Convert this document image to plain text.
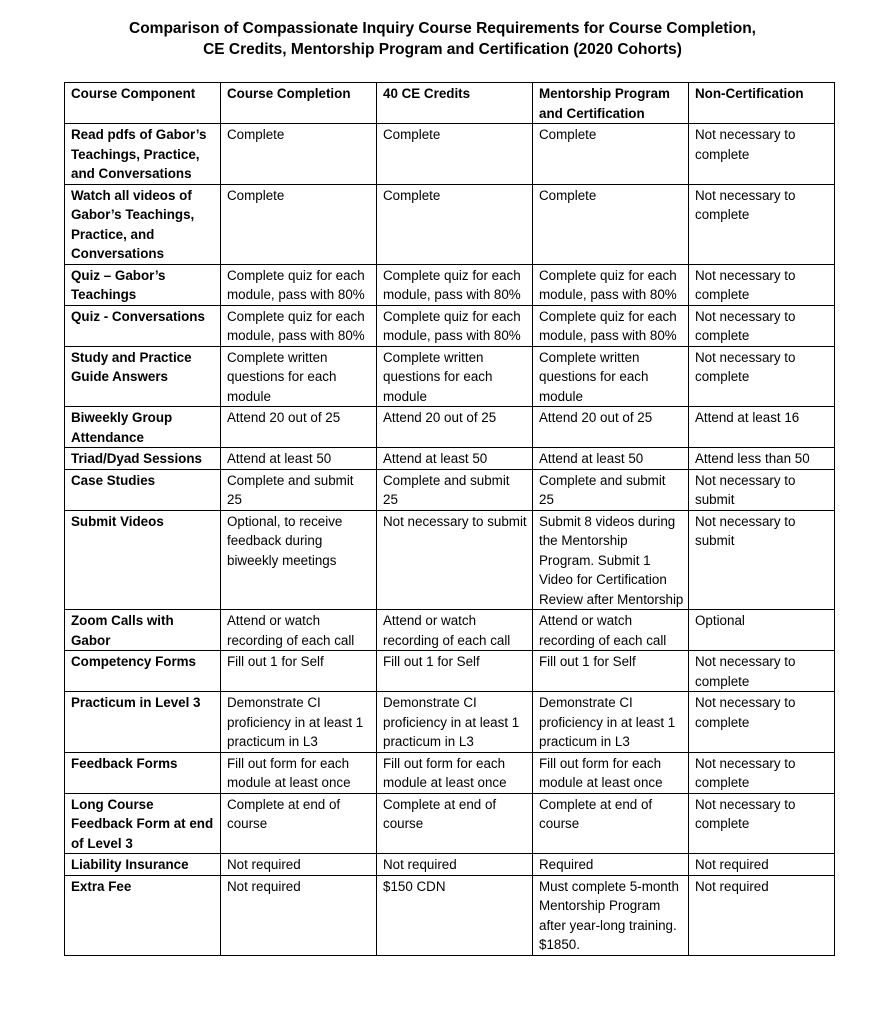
Comparison of Compassionate Inquiry Course Requirements for Course Completion,
CE Credits, Mentorship Program and Certification (2020 Cohorts)
Course Component	Course Completion	40 CE Credits	Mentorship Program and Certification	Non-Certification
Read pdfs of Gabor’s Teachings, Practice, and Conversations	Complete	Complete	Complete	Not necessary to complete
Watch all videos of Gabor’s Teachings, Practice, and Conversations	Complete	Complete	Complete	Not necessary to complete
Quiz – Gabor’s Teachings	Complete quiz for each module, pass with 80%	Complete quiz for each module, pass with 80%	Complete quiz for each module, pass with 80%	Not necessary to complete
Quiz - Conversations	Complete quiz for each module, pass with 80%	Complete quiz for each module, pass with 80%	Complete quiz for each module, pass with 80%	Not necessary to complete
Study and Practice Guide Answers	Complete written questions for each module	Complete written questions for each module	Complete written questions for each module	Not necessary to complete
Biweekly Group Attendance	Attend 20 out of 25	Attend 20 out of 25	Attend 20 out of 25	Attend at least 16
Triad/Dyad Sessions	Attend at least 50	Attend at least 50	Attend at least 50	Attend less than 50
Case Studies	Complete and submit 25	Complete and submit 25	Complete and submit 25	Not necessary to submit
Submit Videos	Optional, to receive feedback during biweekly meetings	Not necessary to submit	Submit 8 videos during the Mentorship Program. Submit 1 Video for Certification Review after Mentorship	Not necessary to submit
Zoom Calls with Gabor	Attend or watch recording of each call	Attend or watch recording of each call	Attend or watch recording of each call	Optional
Competency Forms	Fill out 1 for Self	Fill out 1 for Self	Fill out 1 for Self	Not necessary to complete
Practicum in Level 3	Demonstrate CI proficiency in at least 1 practicum in L3	Demonstrate CI proficiency in at least 1 practicum in L3	Demonstrate CI proficiency in at least 1 practicum in L3	Not necessary to complete
Feedback Forms	Fill out form for each module at least once	Fill out form for each module at least once	Fill out form for each module at least once	Not necessary to complete
Long Course Feedback Form at end of Level 3	Complete at end of course	Complete at end of course	Complete at end of course	Not necessary to complete
Liability Insurance	Not required	Not required	Required	Not required
Extra Fee	Not required	$150 CDN	Must complete 5-month Mentorship Program after year-long training. $1850.	Not required
